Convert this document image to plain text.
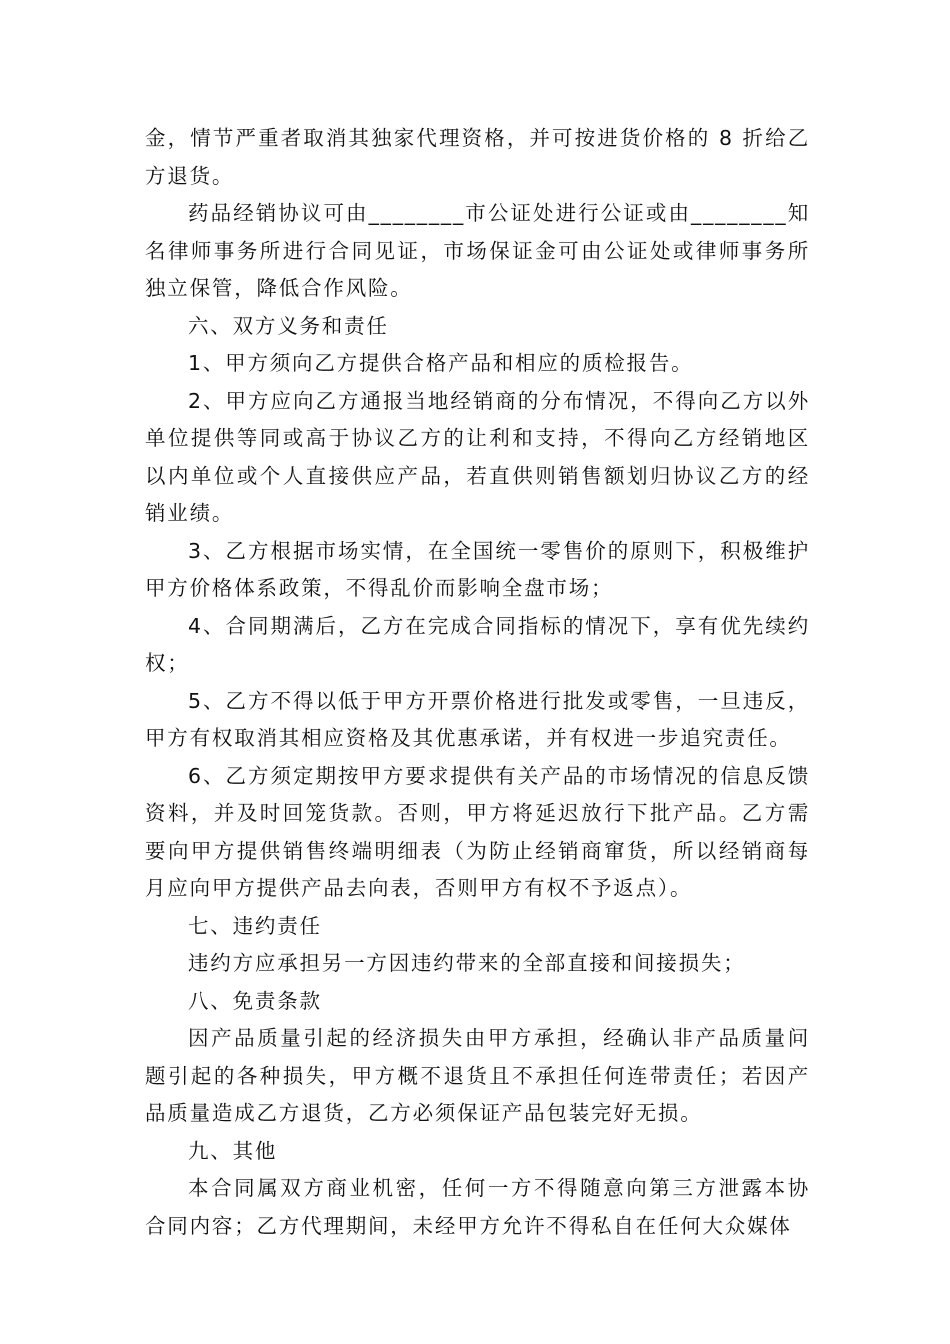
金，情节严重者取消其独家代理资格，并可按进货价格的 8 折给乙方退货。

药品经销协议可由________市公证处进行公证或由________知名律师事务所进行合同见证，市场保证金可由公证处或律师事务所独立保管，降低合作风险。

六、双方义务和责任

1、甲方须向乙方提供合格产品和相应的质检报告。

2、甲方应向乙方通报当地经销商的分布情况，不得向乙方以外单位提供等同或高于协议乙方的让利和支持，不得向乙方经销地区以内单位或个人直接供应产品，若直供则销售额划归协议乙方的经销业绩。

3、乙方根据市场实情，在全国统一零售价的原则下，积极维护甲方价格体系政策，不得乱价而影响全盘市场；

4、合同期满后，乙方在完成合同指标的情况下，享有优先续约权；

5、乙方不得以低于甲方开票价格进行批发或零售，一旦违反，甲方有权取消其相应资格及其优惠承诺，并有权进一步追究责任。

6、乙方须定期按甲方要求提供有关产品的市场情况的信息反馈资料，并及时回笼货款。否则，甲方将延迟放行下批产品。乙方需要向甲方提供销售终端明细表（为防止经销商窜货，所以经销商每月应向甲方提供产品去向表，否则甲方有权不予返点）。

七、违约责任

违约方应承担另一方因违约带来的全部直接和间接损失；

八、免责条款

因产品质量引起的经济损失由甲方承担，经确认非产品质量问题引起的各种损失，甲方概不退货且不承担任何连带责任；若因产品质量造成乙方退货，乙方必须保证产品包装完好无损。

九、其他

本合同属双方商业机密，任何一方不得随意向第三方泄露本协合同内容；乙方代理期间，未经甲方允许不得私自在任何大众媒体
